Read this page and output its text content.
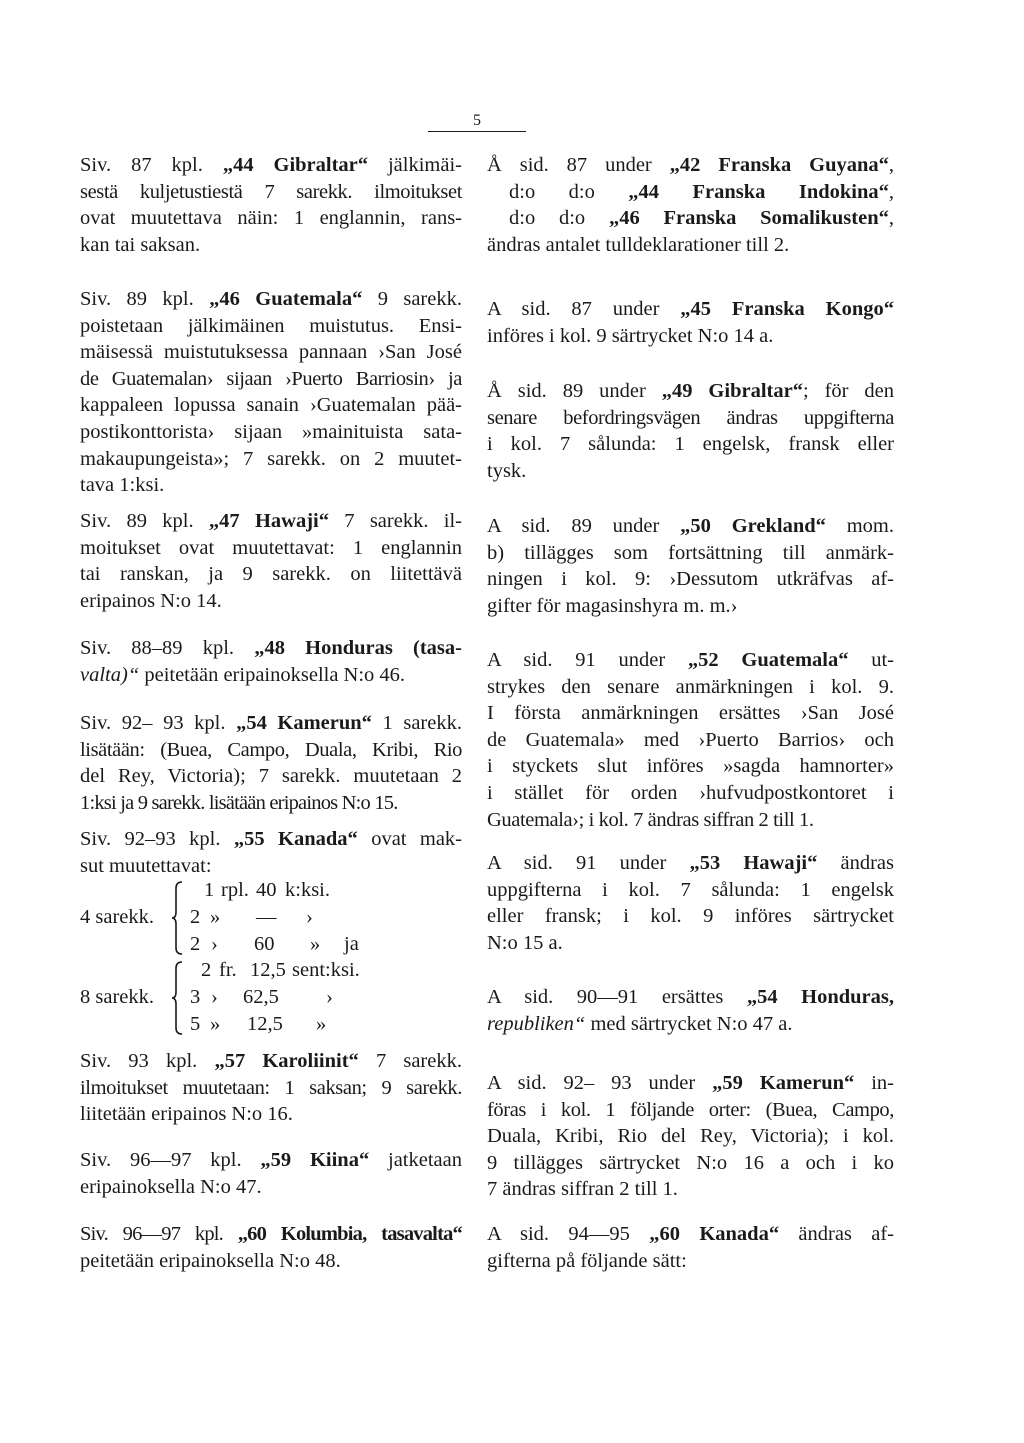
5
Siv. 87 kpl. „44 Gibraltar“ jälkimäi-
sestä kuljetustiestä 7 sarekk. ilmoitukset
ovat muutettava näin: 1 englannin, rans-
kan tai saksan.
Siv. 89 kpl. „46 Guatemala“ 9 sarekk.
poistetaan jälkimäinen muistutus. Ensi-
mäisessä muistutuksessa pannaan ›San José
de Guatemalan› sijaan ›Puerto Barriosin› ja
kappaleen lopussa sanain ›Guatemalan pää-
postikonttorista› sijaan »mainituista sata-
makaupungeista»; 7 sarekk. on 2 muutet-
tava 1:ksi.
Siv. 89 kpl. „47 Hawaji“ 7 sarekk. il-
moitukset ovat muutettavat: 1 englannin
tai ranskan, ja 9 sarekk. on liitettävä
eripainos N:o 14.
Siv. 88–89 kpl. „48 Honduras (tasa-
valta)“ peitetään eripainoksella N:o 46.
Siv. 92– 93 kpl. „54 Kamerun“ 1 sarekk.
lisätään: (Buea, Campo, Duala, Kribi, Rio
del Rey, Victoria); 7 sarekk. muutetaan 2
1:ksi ja 9 sarekk. lisätään eripainos N:o 15.
Siv. 92–93 kpl. „55 Kanada“ ovat mak-
sut muutettavat:
4 sarekk.
8 sarekk.
1 rpl. 40 k:ksi.
2 » — ›
2 › 60 » ja
2 fr. 12,5 sent:ksi.
3 › 62,5 ›
5 » 12,5 »
Siv. 93 kpl. „57 Karoliinit“ 7 sarekk.
ilmoitukset muutetaan: 1 saksan; 9 sarekk.
liitetään eripainos N:o 16.
Siv. 96—97 kpl. „59 Kiina“ jatketaan
eripainoksella N:o 47.
Siv. 96—97 kpl. „60 Kolumbia, tasavalta“
peitetään eripainoksella N:o 48.
Å sid. 87 under „42 Franska Guyana“,
d:o d:o „44 Franska Indokina“,
d:o d:o „46 Franska Somalikusten“,
ändras antalet tulldeklarationer till 2.
A sid. 87 under „45 Franska Kongo“
införes i kol. 9 särtrycket N:o 14 a.
Å sid. 89 under „49 Gibraltar“; för den
senare befordringsvägen ändras uppgifterna
i kol. 7 sålunda: 1 engelsk, fransk eller
tysk.
A sid. 89 under „50 Grekland“ mom.
b) tillägges som fortsättning till anmärk-
ningen i kol. 9: ›Dessutom utkräfvas af-
gifter för magasinshyra m. m.›
A sid. 91 under „52 Guatemala“ ut-
strykes den senare anmärkningen i kol. 9.
I första anmärkningen ersättes ›San José
de Guatemala» med ›Puerto Barrios› och
i styckets slut införes »sagda hamnorter»
i stället för orden ›hufvudpostkontoret i
Guatemala›; i kol. 7 ändras siffran 2 till 1.
A sid. 91 under „53 Hawaji“ ändras
uppgifterna i kol. 7 sålunda: 1 engelsk
eller fransk; i kol. 9 införes särtrycket
N:o 15 a.
A sid. 90—91 ersättes „54 Honduras,
republiken“ med särtrycket N:o 47 a.
A sid. 92– 93 under „59 Kamerun“ in-
föras i kol. 1 följande orter: (Buea, Campo,
Duala, Kribi, Rio del Rey, Victoria); i kol.
9 tillägges särtrycket N:o 16 a och i ko
7 ändras siffran 2 till 1.
A sid. 94—95 „60 Kanada“ ändras af-
gifterna på följande sätt:
